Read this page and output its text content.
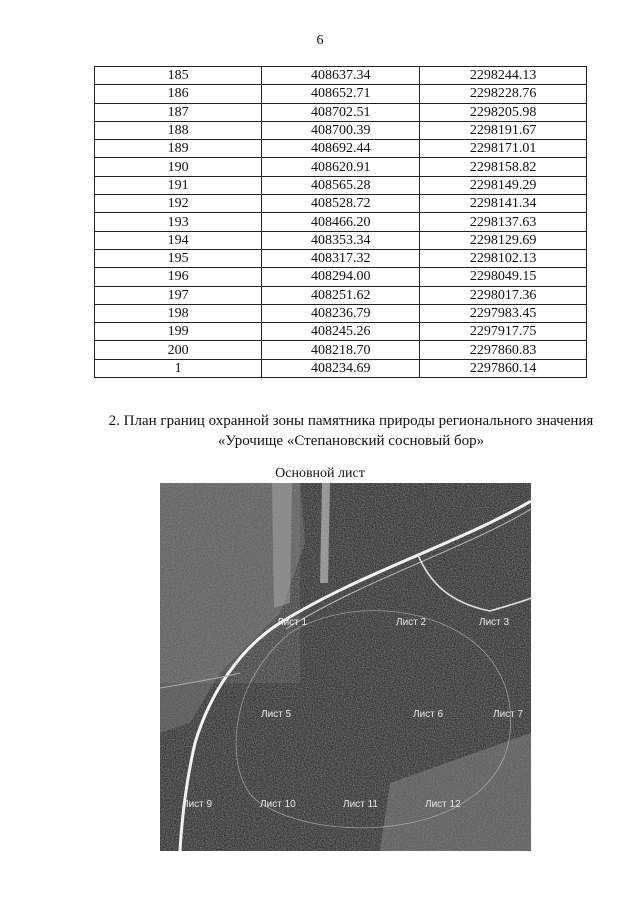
6
185	408637.34	2298244.13
186	408652.71	2298228.76
187	408702.51	2298205.98
188	408700.39	2298191.67
189	408692.44	2298171.01
190	408620.91	2298158.82
191	408565.28	2298149.29
192	408528.72	2298141.34
193	408466.20	2298137.63
194	408353.34	2298129.69
195	408317.32	2298102.13
196	408294.00	2298049.15
197	408251.62	2298017.36
198	408236.79	2297983.45
199	408245.26	2297917.75
200	408218.70	2297860.83
1	408234.69	2297860.14
2. План границ охранной зоны памятника природы регионального значения
«Урочище «Степановский сосновый бор»
Основной лист
Лист 1	Лист 2	Лист 3
Лист 5	Лист 6	Лист 7
Лист 9	Лист 10	Лист 11	Лист 12
